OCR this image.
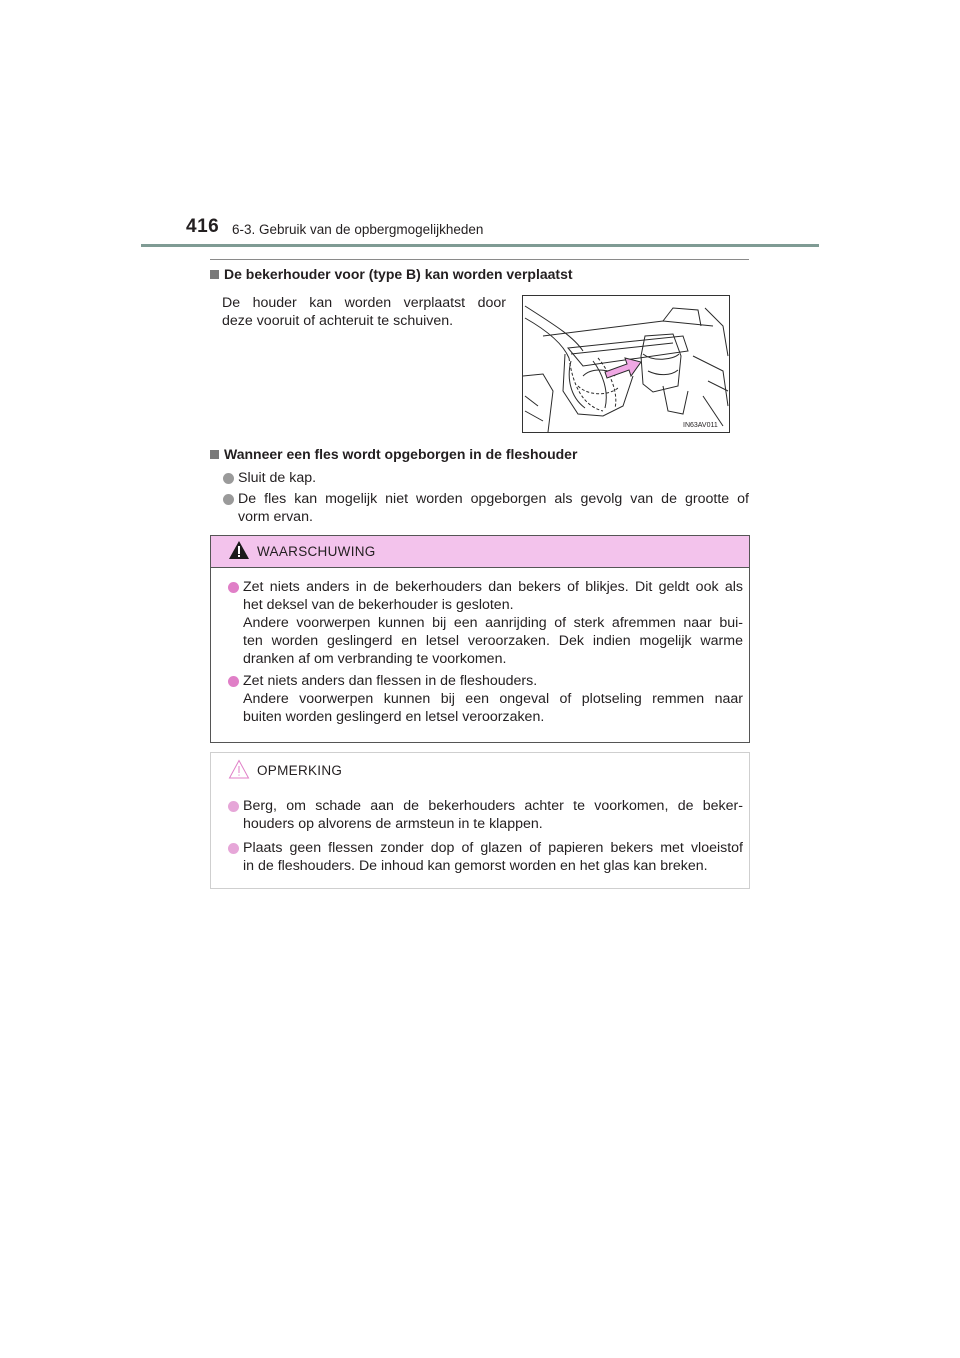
416 6-3. Gebruik van de opbergmogelijkheden
De bekerhouder voor (type B) kan worden verplaatst
De houder kan worden verplaatst door
deze vooruit of achteruit te schuiven.
IN63AV011
Wanneer een fles wordt opgeborgen in de fleshouder
Sluit de kap.
De fles kan mogelijk niet worden opgeborgen als gevolg van de grootte of
vorm ervan.
WAARSCHUWING
Zet niets anders in de bekerhouders dan bekers of blikjes. Dit geldt ook als
het deksel van de bekerhouder is gesloten.
Andere voorwerpen kunnen bij een aanrijding of sterk afremmen naar bui-
ten worden geslingerd en letsel veroorzaken. Dek indien mogelijk warme
dranken af om verbranding te voorkomen.
Zet niets anders dan flessen in de fleshouders.
Andere voorwerpen kunnen bij een ongeval of plotseling remmen naar
buiten worden geslingerd en letsel veroorzaken.
OPMERKING
Berg, om schade aan de bekerhouders achter te voorkomen, de beker-
houders op alvorens de armsteun in te klappen.
Plaats geen flessen zonder dop of glazen of papieren bekers met vloeistof
in de fleshouders. De inhoud kan gemorst worden en het glas kan breken.
